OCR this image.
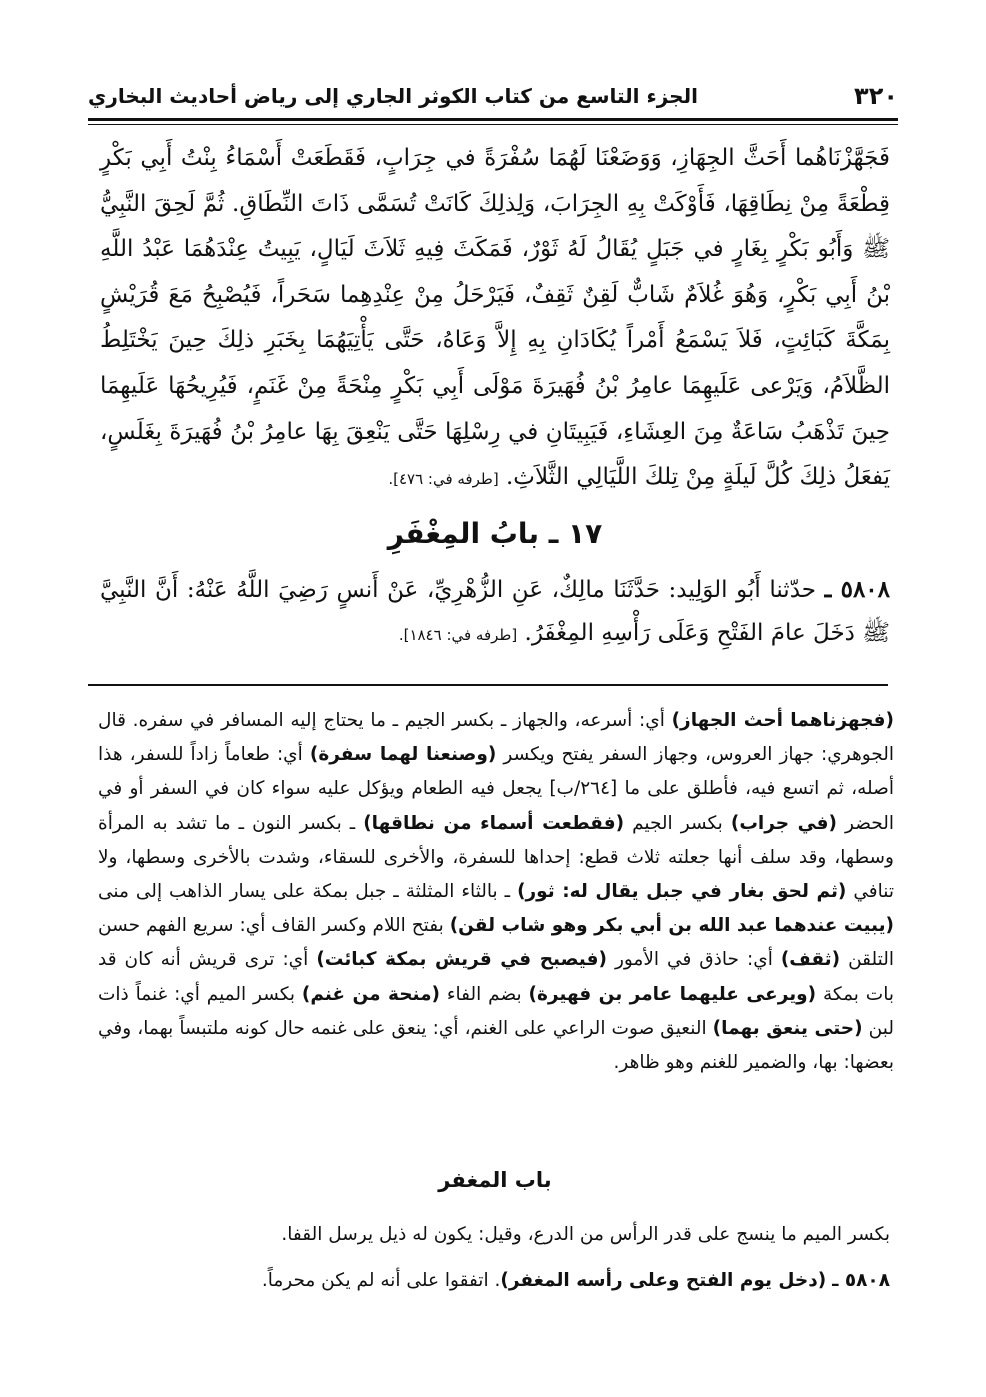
٣٢٠
الجزء التاسع من كتاب الكوثر الجاري إلى رياض أحاديث البخاري

فَجَهَّزْنَاهُما أَحَثَّ الجِهَازِ، وَوَضَعْنَا لَهُمَا سُفْرَةً في جِرَابٍ، فَقَطَعَتْ أَسْمَاءُ بِنْتُ أَبِي بَكْرٍ قِطْعَةً مِنْ نِطَاقِهَا، فَأَوْكَتْ بِهِ الجِرَابَ، وَلِذلِكَ كَانَتْ تُسَمَّى ذَاتَ النِّطَاقِ. ثُمَّ لَحِقَ النَّبِيُّ ﷺ وَأَبُو بَكْرٍ بِغَارٍ في جَبَلٍ يُقَالُ لَهُ ثَوْرٌ، فَمَكَثَ فِيهِ ثَلاَثَ لَيَالٍ، يَبِيتُ عِنْدَهُمَا عَبْدُ اللَّهِ بْنُ أَبِي بَكْرٍ، وَهُوَ غُلاَمٌ شَابٌّ لَقِنٌ ثَقِفٌ، فَيَرْحَلُ مِنْ عِنْدِهِما سَحَراً، فَيُصْبِحُ مَعَ قُرَيْشٍ بِمَكَّةَ كَبَائِتٍ، فَلاَ يَسْمَعُ أَمْراً يُكَادَانِ بِهِ إِلاَّ وَعَاهُ، حَتَّى يَأْتِيَهُمَا بِخَبَرِ ذلِكَ حِينَ يَخْتَلِطُ الظَّلاَمُ، وَيَرْعى عَلَيهِمَا عامِرُ بْنُ فُهَيرَةَ مَوْلَى أَبِي بَكْرٍ مِنْحَةً مِنْ غَنَمٍ، فَيُرِيحُهَا عَلَيهِمَا حِينَ تَذْهَبُ سَاعَةٌ مِنَ العِشَاءِ، فَيَبِيتَانِ في رِسْلِهَا حَتَّى يَنْعِقَ بِهَا عامِرُ بْنُ فُهَيرَةَ بِغَلَسٍ، يَفعَلُ ذلِكَ كُلَّ لَيلَةٍ مِنْ تِلكَ اللَّيَالِي الثَّلاَثِ. [طرفه في: ٤٧٦].

١٧ ـ بابُ المِغْفَرِ

٥٨٠٨ ـ حدّثنا أَبُو الوَلِيد: حَدَّثَنَا مالِكٌ، عَنِ الزُّهْرِيِّ، عَنْ أَنسٍ رَضِيَ اللَّهُ عَنْهُ: أَنَّ النَّبِيَّ ﷺ دَخَلَ عامَ الفَتْحِ وَعَلَى رَأْسِهِ المِغْفَرُ. [طرفه في: ١٨٤٦].

(فجهزناهما أحث الجهاز) أي: أسرعه، والجهاز ـ بكسر الجيم ـ ما يحتاج إليه المسافر في سفره. قال الجوهري: جهاز العروس، وجهاز السفر يفتح ويكسر (وصنعنا لهما سفرة) أي: طعاماً زاداً للسفر، هذا أصله، ثم اتسع فيه، فأطلق على ما [٢٦٤/ب] يجعل فيه الطعام ويؤكل عليه سواء كان في السفر أو في الحضر (في جراب) بكسر الجيم (فقطعت أسماء من نطاقها) ـ بكسر النون ـ ما تشد به المرأة وسطها، وقد سلف أنها جعلته ثلاث قطع: إحداها للسفرة، والأخرى للسقاء، وشدت بالأخرى وسطها، ولا تنافي (ثم لحق بغار في جبل يقال له: ثور) ـ بالثاء المثلثة ـ جبل بمكة على يسار الذاهب إلى منى (يبيت عندهما عبد الله بن أبي بكر وهو شاب لقن) بفتح اللام وكسر القاف أي: سريع الفهم حسن التلقن (ثقف) أي: حاذق في الأمور (فيصبح في قريش بمكة كبائت) أي: ترى قريش أنه كان قد بات بمكة (ويرعى عليهما عامر بن فهيرة) بضم الفاء (منحة من غنم) بكسر الميم أي: غنماً ذات لبن (حتى ينعق بهما) النعيق صوت الراعي على الغنم، أي: ينعق على غنمه حال كونه ملتبساً بهما، وفي بعضها: بها، والضمير للغنم وهو ظاهر.

باب المغفر

بكسر الميم ما ينسج على قدر الرأس من الدرع، وقيل: يكون له ذيل يرسل القفا.

٥٨٠٨ ـ (دخل يوم الفتح وعلى رأسه المغفر). اتفقوا على أنه لم يكن محرماً.
